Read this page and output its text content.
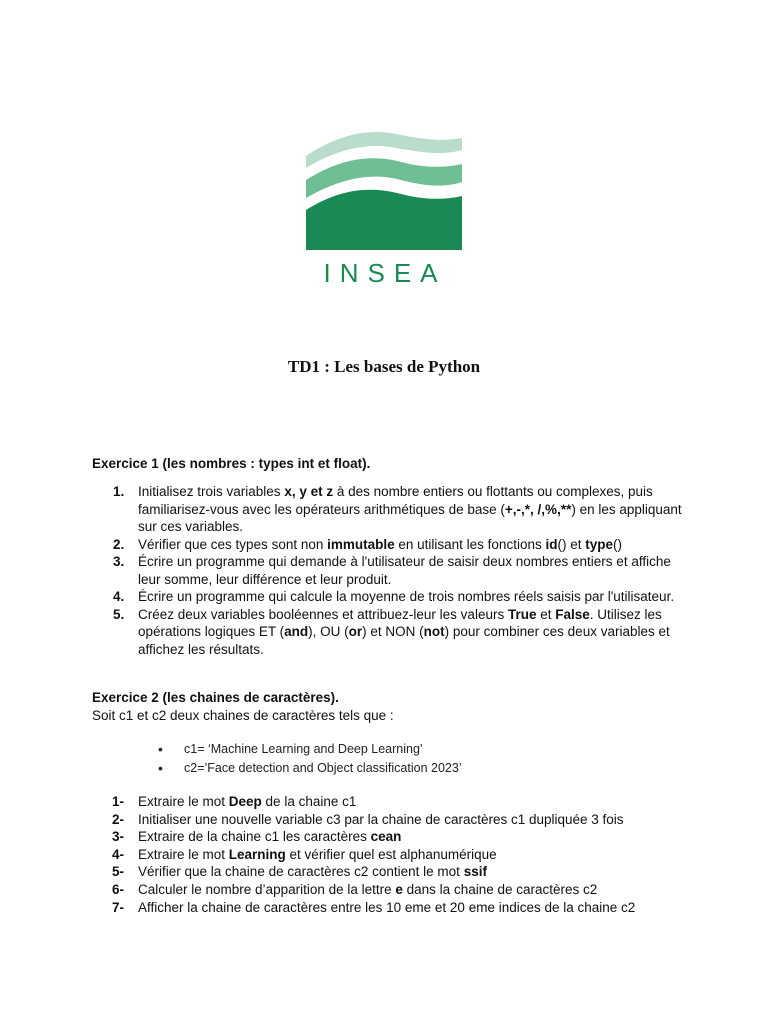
INSEA
TD1 : Les bases de Python
Exercice 1 (les nombres : types int et float).
1. Initialisez trois variables x, y et z à des nombre entiers ou flottants ou complexes, puis familiarisez-vous avec les opérateurs arithmétiques de base (+,-,*, /,%,**) en les appliquant sur ces variables.
2. Vérifier que ces types sont non immutable en utilisant les fonctions id() et type()
3. Écrire un programme qui demande à l'utilisateur de saisir deux nombres entiers et affiche leur somme, leur différence et leur produit.
4. Écrire un programme qui calcule la moyenne de trois nombres réels saisis par l'utilisateur.
5. Créez deux variables booléennes et attribuez-leur les valeurs True et False. Utilisez les opérations logiques ET (and), OU (or) et NON (not) pour combiner ces deux variables et affichez les résultats.
Exercice 2 (les chaines de caractères).
Soit c1 et c2 deux chaines de caractères tels que :
• c1= ‘Machine Learning and Deep Learning’
• c2=’Face detection and Object classification 2023’
1- Extraire le mot Deep de la chaine c1
2- Initialiser une nouvelle variable c3 par la chaine de caractères c1 dupliquée 3 fois
3- Extraire de la chaine c1 les caractères cean
4- Extraire le mot Learning et vérifier quel est alphanumérique
5- Vérifier que la chaine de caractères c2 contient le mot ssif
6- Calculer le nombre d’apparition de la lettre e dans la chaine de caractères c2
7- Afficher la chaine de caractères entre les 10 eme et 20 eme indices de la chaine c2
